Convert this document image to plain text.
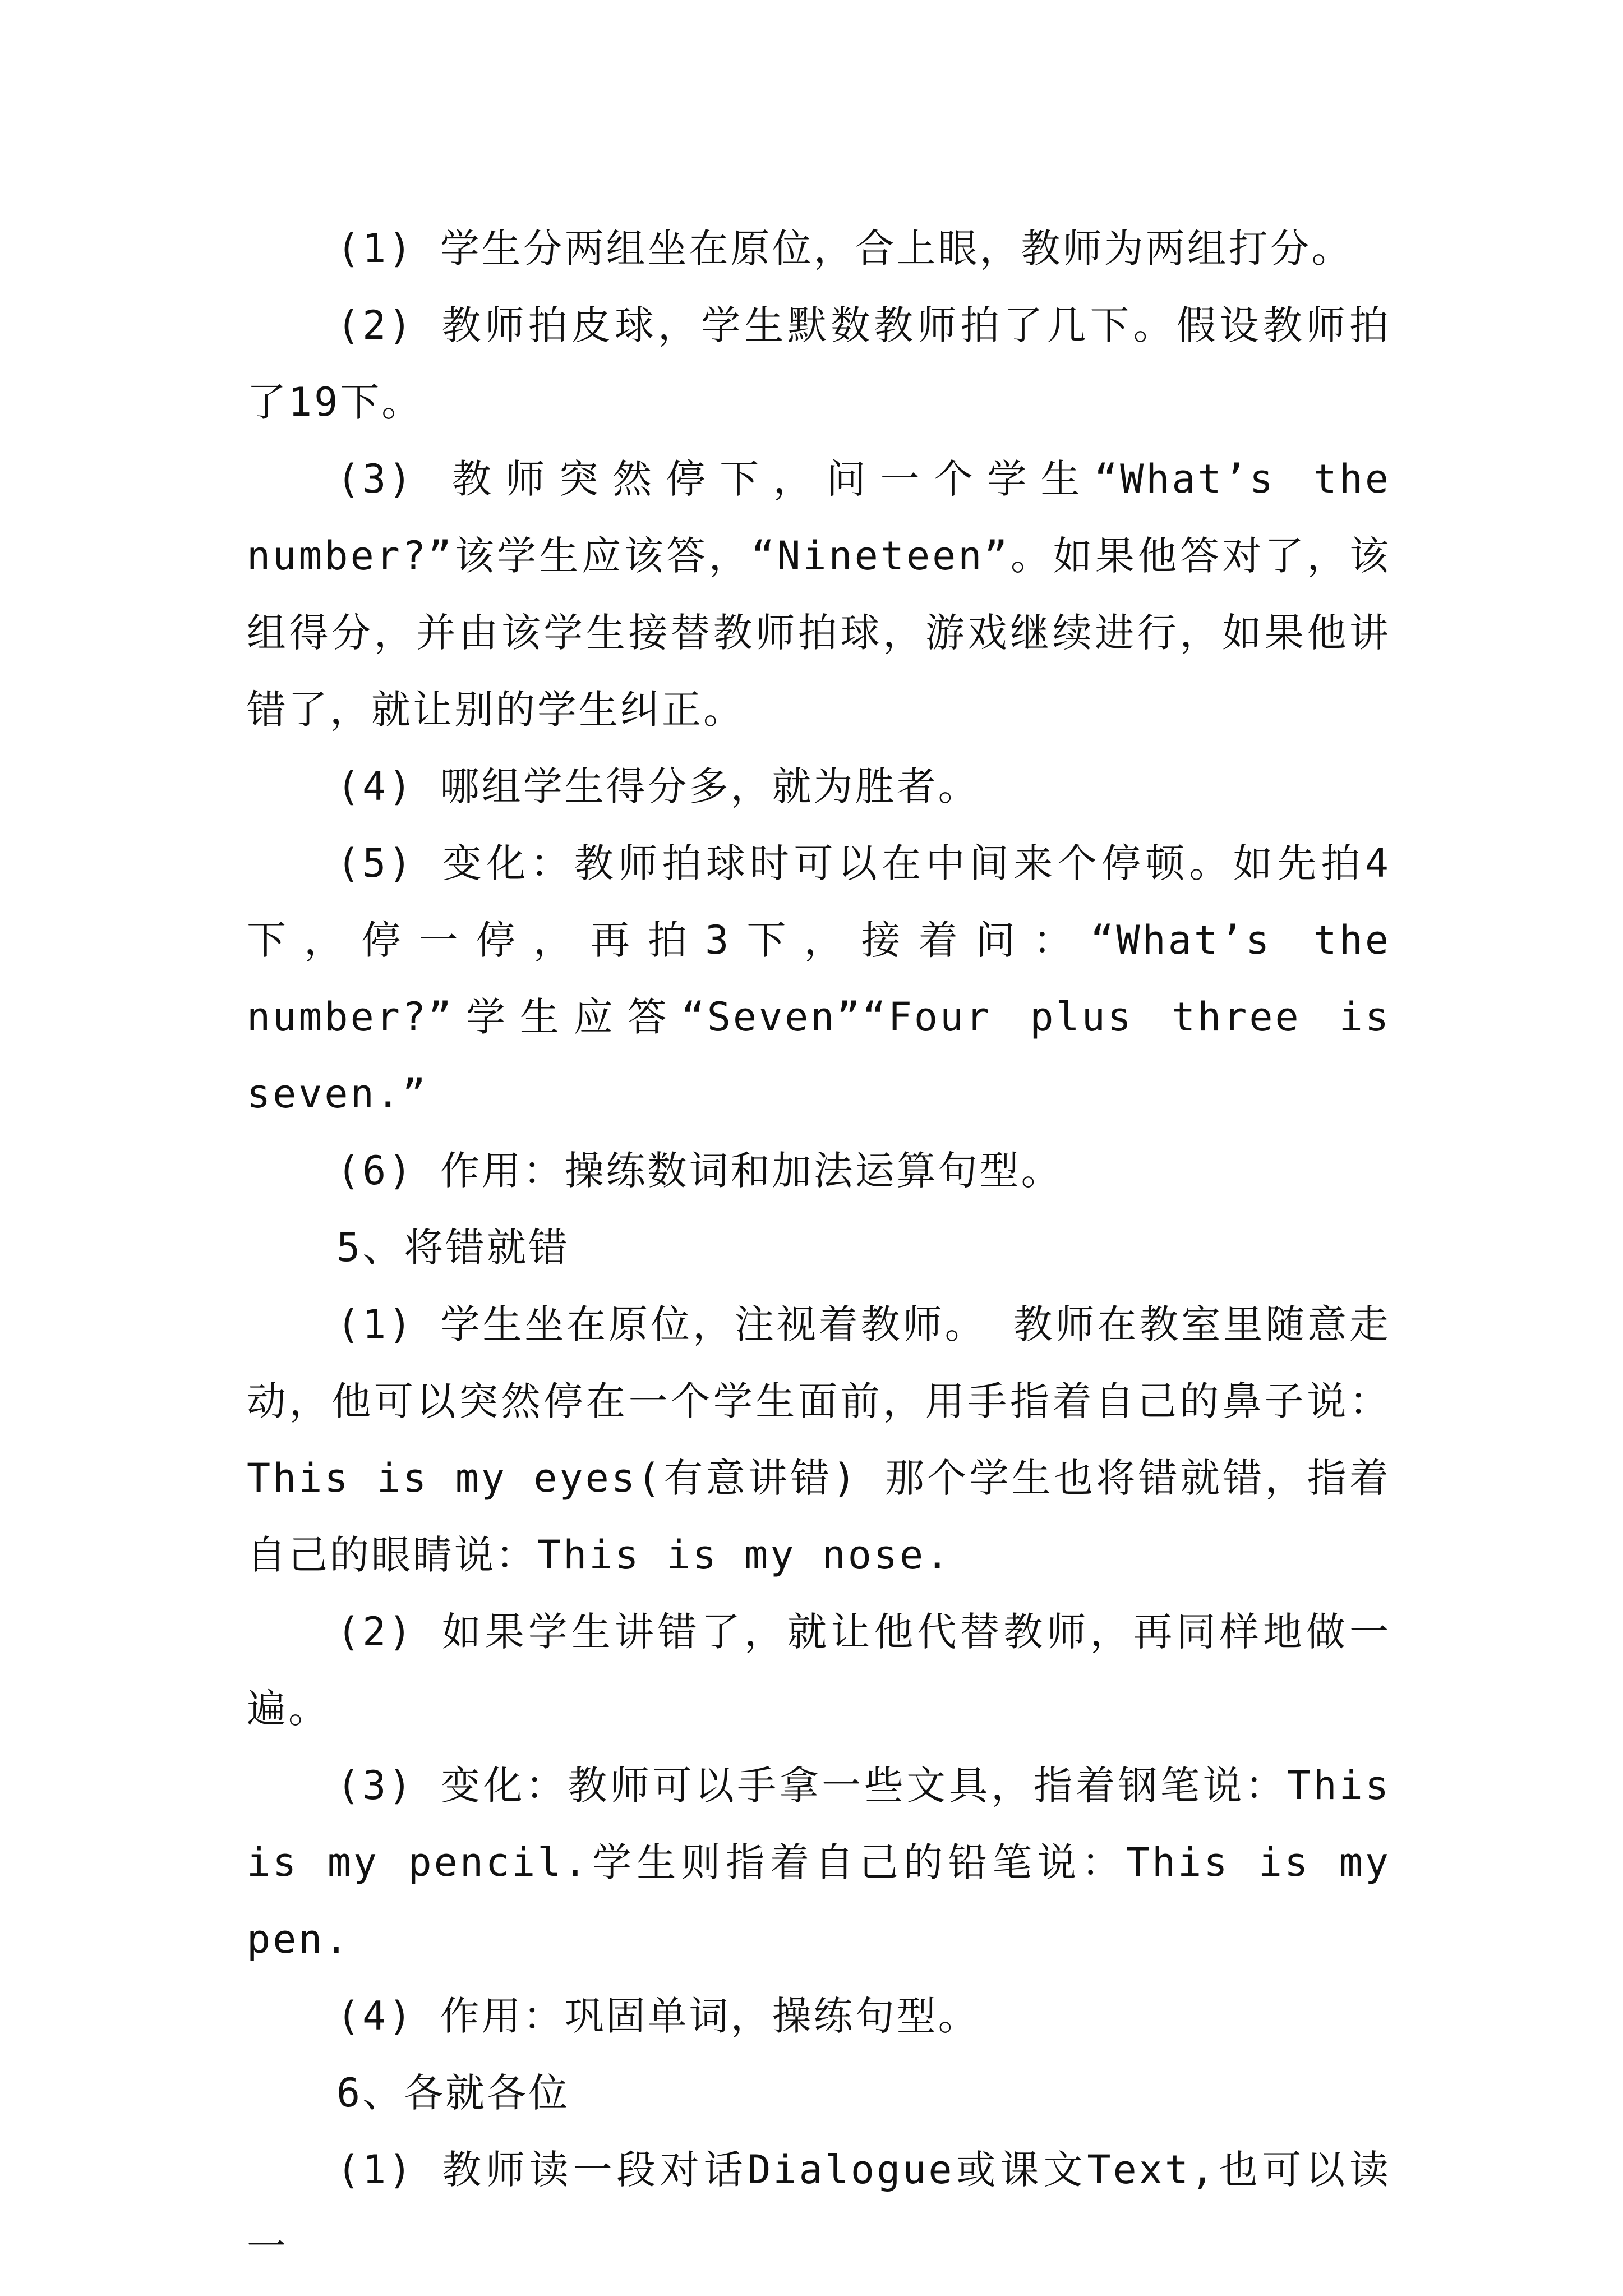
(1) 学生分两组坐在原位，合上眼，教师为两组打分。

(2) 教师拍皮球，学生默数教师拍了几下。假设教师拍了19下。

(3) 教师突然停下，问一个学生“What’s the number?”该学生应该答，“Nineteen”。如果他答对了，该组得分，并由该学生接替教师拍球，游戏继续进行，如果他讲错了，就让别的学生纠正。

(4) 哪组学生得分多，就为胜者。

(5) 变化：教师拍球时可以在中间来个停顿。如先拍4下，停一停，再拍3下，接着问：“What’s the number?”学生应答“Seven”“Four plus three is seven.”

(6) 作用：操练数词和加法运算句型。

5、将错就错

(1) 学生坐在原位，注视着教师。 教师在教室里随意走动，他可以突然停在一个学生面前，用手指着自己的鼻子说：This is my eyes(有意讲错) 那个学生也将错就错，指着自己的眼睛说：This is my nose.

(2) 如果学生讲错了，就让他代替教师，再同样地做一遍。

(3) 变化：教师可以手拿一些文具，指着钢笔说：This is my pencil.学生则指着自己的铅笔说：This is my pen.

(4) 作用：巩固单词，操练句型。

6、各就各位

(1) 教师读一段对话Dialogue或课文Text,也可以读一
